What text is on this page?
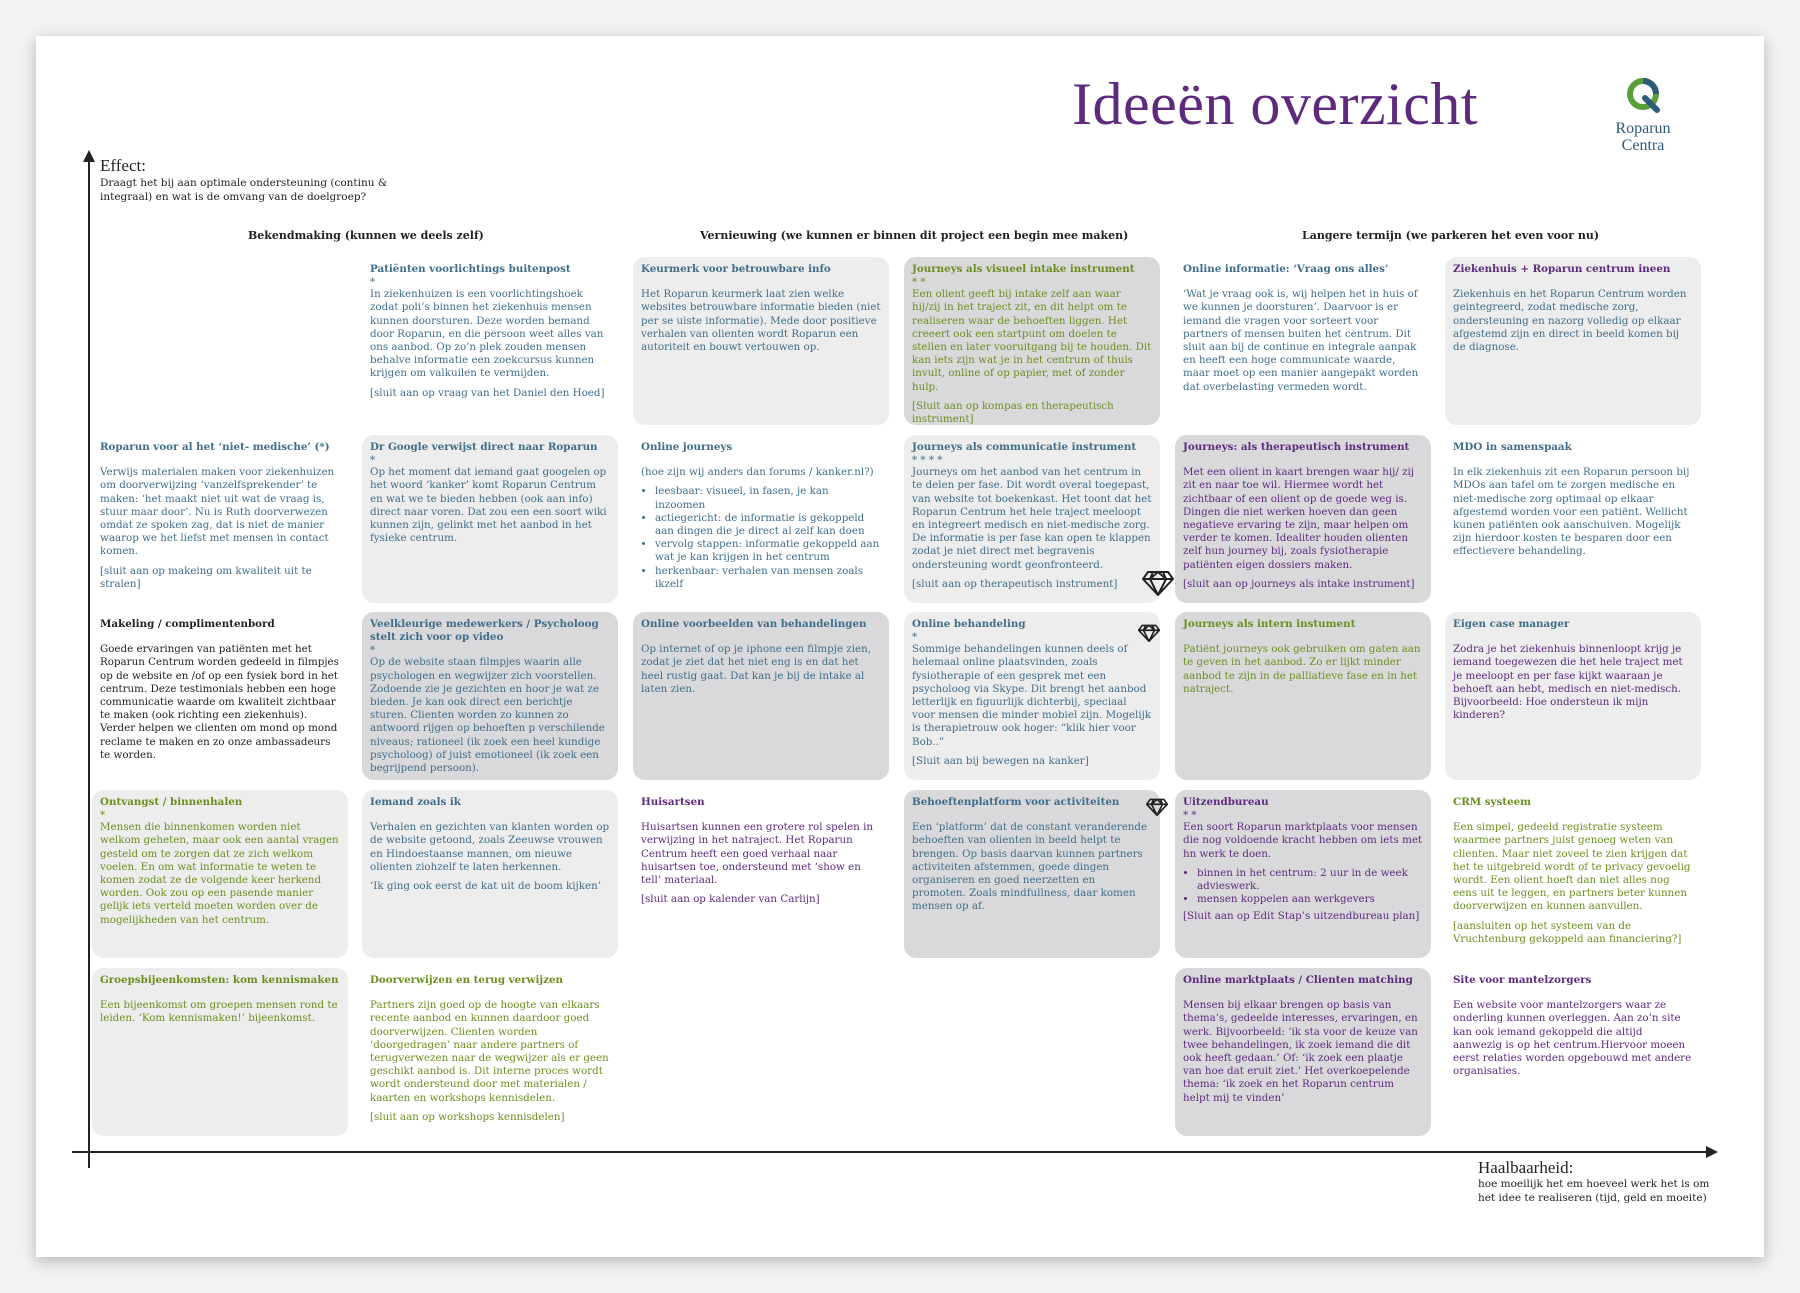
Ideeën overzicht	Roparun
Centra
Effect:
Draagt het bij aan optimale ondersteuning (continu & integraal) en wat is de omvang van de doelgroep?
Haalbaarheid:
hoe moeilijk het em hoeveel werk het is om het idee te realiseren (tijd, geld en moeite)
Bekendmaking (kunnen we deels zelf)	Vernieuwing (we kunnen er binnen dit project een begin mee maken)	Langere termijn (we parkeren het even voor nu)
Patiënten voorlichtings buitenpost
*

In ziekenhuizen is een voorlichtingshoek zodat poli’s binnen het ziekenhuis mensen kunnen doorsturen. Deze worden bemand door Roparun, en die persoon weet alles van ons aanbod. Op zo’n plek zouden mensen behalve informatie een zoekcursus kunnen krijgen om valkuilen te vermijden.

[sluit aan op vraag van het Daniel den Hoed]

Keurmerk voor betrouwbare info

Het Roparun keurmerk laat zien welke websites betrouwbare informatie bieden (niet per se uiste informatie). Mede door positieve verhalen van olienten wordt Roparun een autoriteit en bouwt vertouwen op.

Journeys als visueel intake instrument
* *

Een olient geeft bij intake zelf aan waar hij/zij in het traject zit, en dit helpt om te realiseren waar de behoeften liggen. Het creeert ook een startpunt om doelen te stellen en later vooruitgang bij te houden. Dit kan iets zijn wat je in het centrum of thuis invult, online of op papier, met of zonder hulp.

[Sluit aan op kompas en therapeutisch instrument]

Online informatie: ‘Vraag ons alles’

‘Wat je vraag ook is, wij helpen het in huis of we kunnen je doorsturen’. Daarvoor is er iemand die vragen voor sorteert voor partners of mensen buiten het centrum. Dit sluit aan bij de continue en integrale aanpak en heeft een hoge communicate waarde, maar moet op een manier aangepakt worden dat overbelasting vermeden wordt.

Ziekenhuis + Roparun centrum ineen

Ziekenhuis en het Roparun Centrum worden geintegreerd, zodat medische zorg, ondersteuning en nazorg volledig op elkaar afgestemd zijn en direct in beeld komen bij de diagnose.

Roparun voor al het ‘niet- medische’ (*)

Verwijs materialen maken voor ziekenhuizen om doorverwijzing ‘vanzelfsprekender’ te maken: ‘het maakt niet uit wat de vraag is, stuur maar door’. Nu is Ruth doorverwezen omdat ze spoken zag, dat is niet de manier waarop we het liefst met mensen in contact komen.

[sluit aan op makeing om kwaliteit uit te stralen]

Dr Google verwijst direct naar Roparun
*

Op het moment dat iemand gaat googelen op het woord ‘kanker’ komt Roparun Centrum en wat we te bieden hebben (ook aan info) direct naar voren. Dat zou een een soort wiki kunnen zijn, gelinkt met het aanbod in het fysieke centrum.

Online journeys

(hoe zijn wij anders dan forums / kanker.nl?)

• leesbaar: visueel, in fasen, je kan inzoomen
• actiegericht: de informatie is gekoppeld aan dingen die je direct al zelf kan doen
• vervolg stappen: informatie gekoppeld aan wat je kan krijgen in het centrum
• herkenbaar: verhalen van mensen zoals ikzelf
Journeys als communicatie instrument
* * * *

Journeys om het aanbod van het centrum in te delen per fase. Dit wordt overal toegepast, van website tot boekenkast. Het toont dat het Roparun Centrum het hele traject meeloopt en integreert medisch en niet-medische zorg. De informatie is per fase kan open te klappen zodat je niet direct met begravenis ondersteuning wordt geonfronteerd.

[sluit aan op therapeutisch instrument]

Journeys: als therapeutisch instrument

Met een olient in kaart brengen waar hij/ zij zit en naar toe wil. Hiermee wordt het zichtbaar of een olient op de goede weg is. Dingen die niet werken hoeven dan geen negatieve ervaring te zijn, maar helpen om verder te komen. Idealiter houden olienten zelf hun journey bij, zoals fysiotherapie patiënten eigen dossiers maken.

[sluit aan op journeys als intake instrument]

MDO in samenspaak

In elk ziekenhuis zit een Roparun persoon bij MDOs aan tafel om te zorgen medische en niet-medische zorg optimaal op elkaar afgestemd worden voor een patiënt. Wellicht kunen patiënten ook aanschuiven. Mogelijk zijn hierdoor kosten te besparen door een effectievere behandeling.

Makeling / complimentenbord

Goede ervaringen van patiënten met het Roparun Centrum worden gedeeld in filmpjes op de website en /of op een fysiek bord in het centrum. Deze testimonials hebben een hoge communicatie waarde om kwaliteit zichtbaar te maken (ook richting een ziekenhuis). Verder helpen we clienten om mond op mond reclame te maken en zo onze ambassadeurs te worden.

Veelkleurige medewerkers / Psycholoog stelt zich voor op video
*

Op de website staan filmpjes waarin alle psychologen en wegwijzer zich voorstellen. Zodoende zie je gezichten en hoor je wat ze bieden. Je kan ook direct een berichtje sturen. Clienten worden zo kunnen zo antwoord rijgen op behoeften p verschilende niveaus; rationeel (ik zoek een heel kundige psycholoog) of juist emotioneel (ik zoek een begrijpend persoon).

Online voorbeelden van behandelingen

Op internet of op je iphone een filmpje zien, zodat je ziet dat het niet eng is en dat het heel rustig gaat. Dat kan je bij de intake al laten zien.

Online behandeling
*

Sommige behandelingen kunnen deels of helemaal online plaatsvinden, zoals fysiotherapie of een gesprek met een psycholoog via Skype. Dit brengt het aanbod letterlijk en figuurlijk dichterbij, speciaal voor mensen die minder mobiel zijn. Mogelijk is therapietrouw ook hoger: “klik hier voor Bob..”

[Sluit aan bij bewegen na kanker]

Journeys als intern instument

Patiënt journeys ook gebruiken om gaten aan te geven in het aanbod. Zo er lijkt minder aanbod te zijn in de palliatieve fase en in het natraject.

Eigen case manager

Zodra je het ziekenhuis binnenloopt krijg je iemand toegewezen die het hele traject met je meeloopt en per fase kijkt waaraan je behoeft aan hebt, medisch en niet-medisch. Bijvoorbeeld: Hoe ondersteun ik mijn kinderen?

Ontvangst / binnenhalen
*

Mensen die binnenkomen worden niet welkom geheten, maar ook een aantal vragen gesteld om te zorgen dat ze zich welkom voelen. En om wat informatie te weten te komen zodat ze de volgende keer herkend worden. Ook zou op een pasende manier gelijk iets verteld moeten worden over de mogelijkheden van het centrum.

Iemand zoals ik

Verhalen en gezichten van klanten worden op de website getoond, zoals Zeeuwse vrouwen en Hindoestaanse mannen, om nieuwe olienten ziohzelf te laten herkennen.

‘Ik ging ook eerst de kat uit de boom kijken’

Huisartsen

Huisartsen kunnen een grotere rol spelen in verwijzing in het natraject. Het Roparun Centrum heeft een goed verhaal naar huisartsen toe, ondersteund met ‘show en tell’ materiaal.

[sluit aan op kalender van Carlijn]

Behoeftenplatform voor activiteiten

Een ‘platform’ dat de constant veranderende behoeften van olienten in beeld helpt te brengen. Op basis daarvan kunnen partners activiteiten afstemmen, goede dingen organiseren en goed neerzetten en promoten. Zoals mindfullness, daar komen mensen op af.

Uitzendbureau
* *

Een soort Roparun marktplaats voor mensen die nog voldoende kracht hebben om iets met hn werk te doen.

• binnen in het centrum: 2 uur in de week advieswerk.
• mensen koppelen aan werkgevers

[Sluit aan op Edit Stap’s uitzendbureau plan]

CRM systeem

Een simpel, gedeeld registratie systeem waarmee partners juist genoeg weten van clienten. Maar niet zoveel te zien krijgen dat het te uitgebreid wordt of te privacy gevoelig wordt. Een olient hoeft dan niet alles nog eens uit te leggen, en partners beter kunnen doorverwijzen en kunnen aanvullen.

[aansluiten op het systeem van de Vruchtenburg gekoppeld aan financiering?]

Groepsbijeenkomsten: kom kennismaken

Een bijeenkomst om groepen mensen rond te leiden. ‘Kom kennismaken!’ bijeenkomst.

Doorverwijzen en terug verwijzen

Partners zijn goed op de hoogte van elkaars recente aanbod en kunnen daardoor goed doorverwijzen. Clienten worden ‘doorgedragen’ naar andere partners of terugverwezen naar de wegwijzer als er geen geschikt aanbod is. Dit interne proces wordt wordt ondersteund door met materialen / kaarten en workshops kennisdelen.

[sluit aan op workshops kennisdelen]

Online marktplaats / Clienten matching

Mensen bij elkaar brengen op basis van thema’s, gedeelde interesses, ervaringen, en werk. Bijvoorbeeld: ‘ik sta voor de keuze van twee behandelingen, ik zoek iemand die dit ook heeft gedaan.’ Of: ‘ik zoek een plaatje van hoe dat eruit ziet.’ Het overkoepelende thema: ‘ik zoek en het Roparun centrum helpt mij te vinden’

Site voor mantelzorgers

Een website voor mantelzorgers waar ze onderling kunnen overleggen. Aan zo’n site kan ook iemand gekoppeld die altijd aanwezig is op het centrum.Hiervoor moeen eerst relaties worden opgebouwd met andere organisaties.
